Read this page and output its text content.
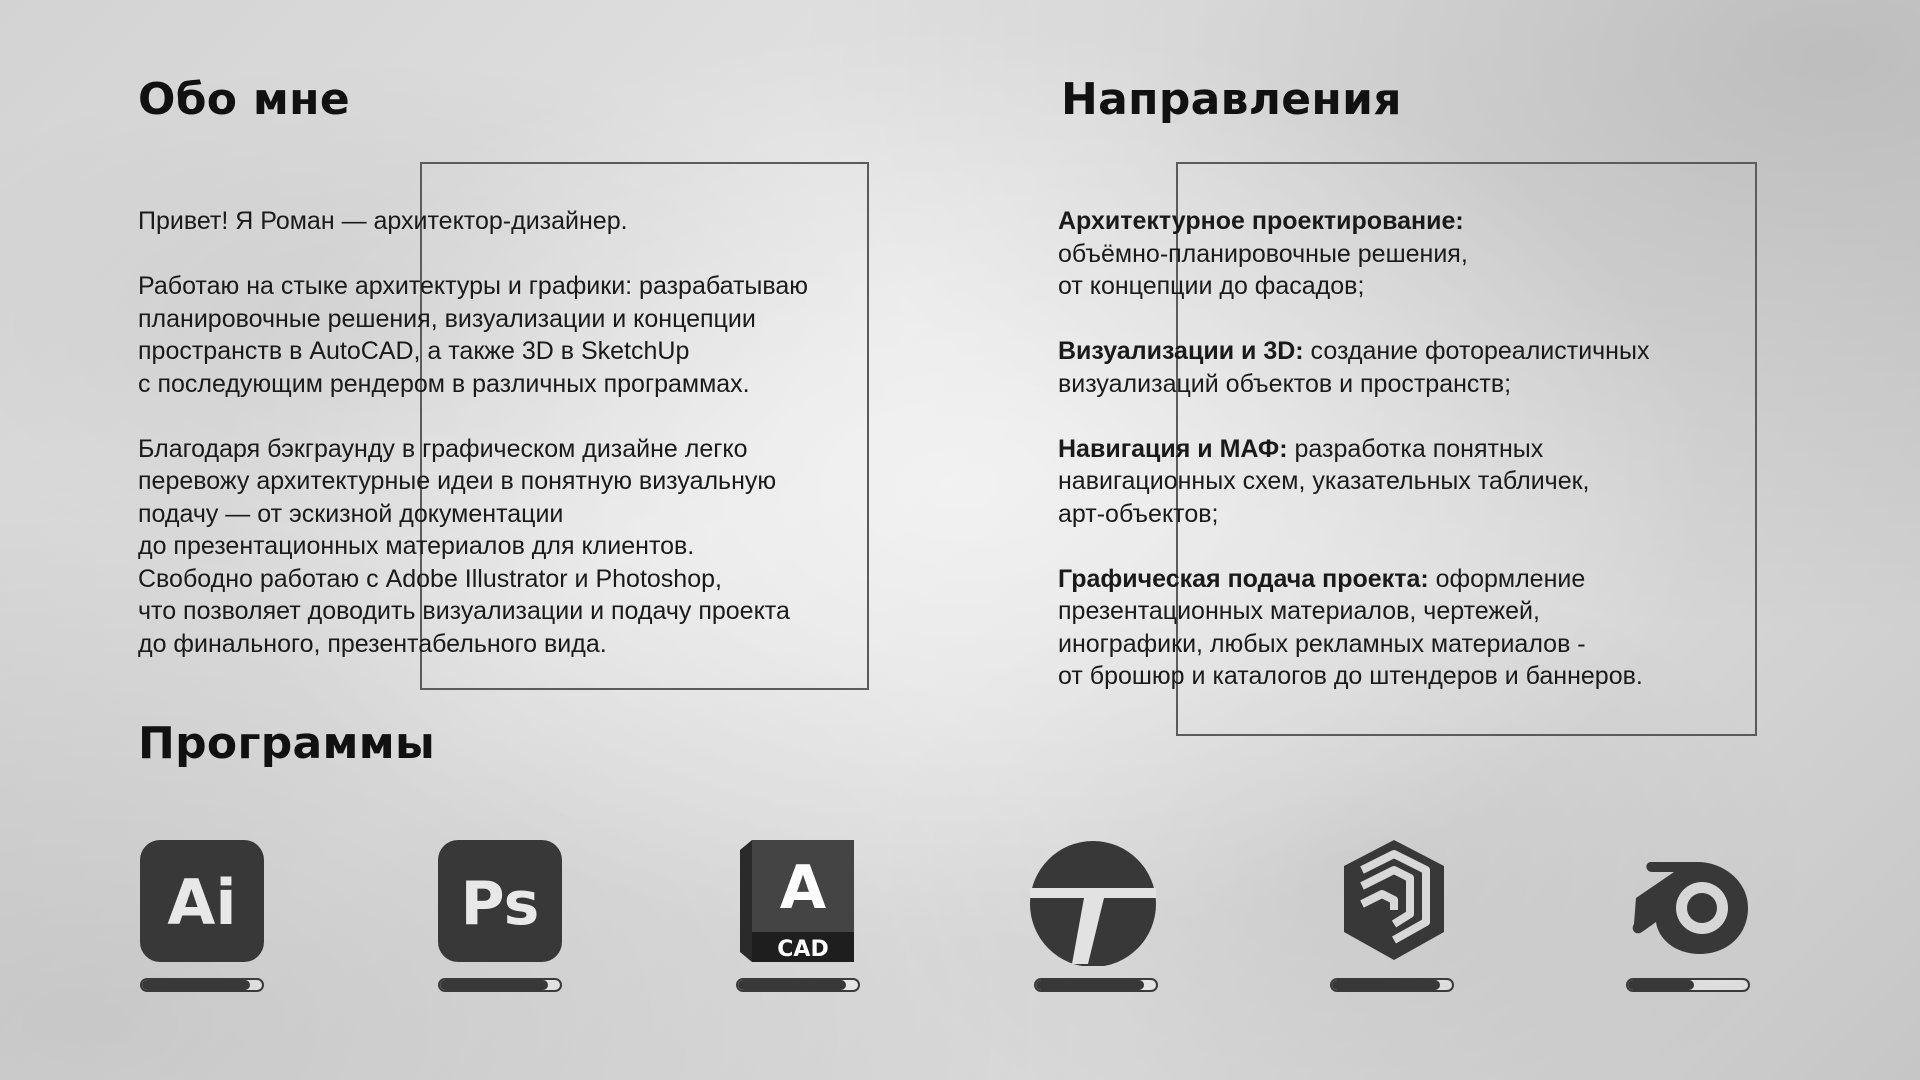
Обо мне

Привет! Я Роман — архитектор-дизайнер.

Работаю на стыке архитектуры и графики: разрабатываю
планировочные решения, визуализации и концепции
пространств в AutoCAD, а также 3D в SketchUp
с последующим рендером в различных программах.

Благодаря бэкграунду в графическом дизайне легко
перевожу архитектурные идеи в понятную визуальную
подачу — от эскизной документации
до презентационных материалов для клиентов.
Свободно работаю с Adobe Illustrator и Photoshop,
что позволяет доводить визуализации и подачу проекта
до финального, презентабельного вида.

Направления

Архитектурное проектирование:
объёмно-планировочные решения,
от концепции до фасадов;

Визуализации и 3D: создание фотореалистичных
визуализаций объектов и пространств;

Навигация и МАФ: разработка понятных
навигационных схем, указательных табличек,
арт-объектов;

Графическая подача проекта: оформление
презентационных материалов, чертежей,
инографики, любых рекламных материалов -
от брошюр и каталогов до штендеров и баннеров.

Программы
Ai	Ps	A
CAD
